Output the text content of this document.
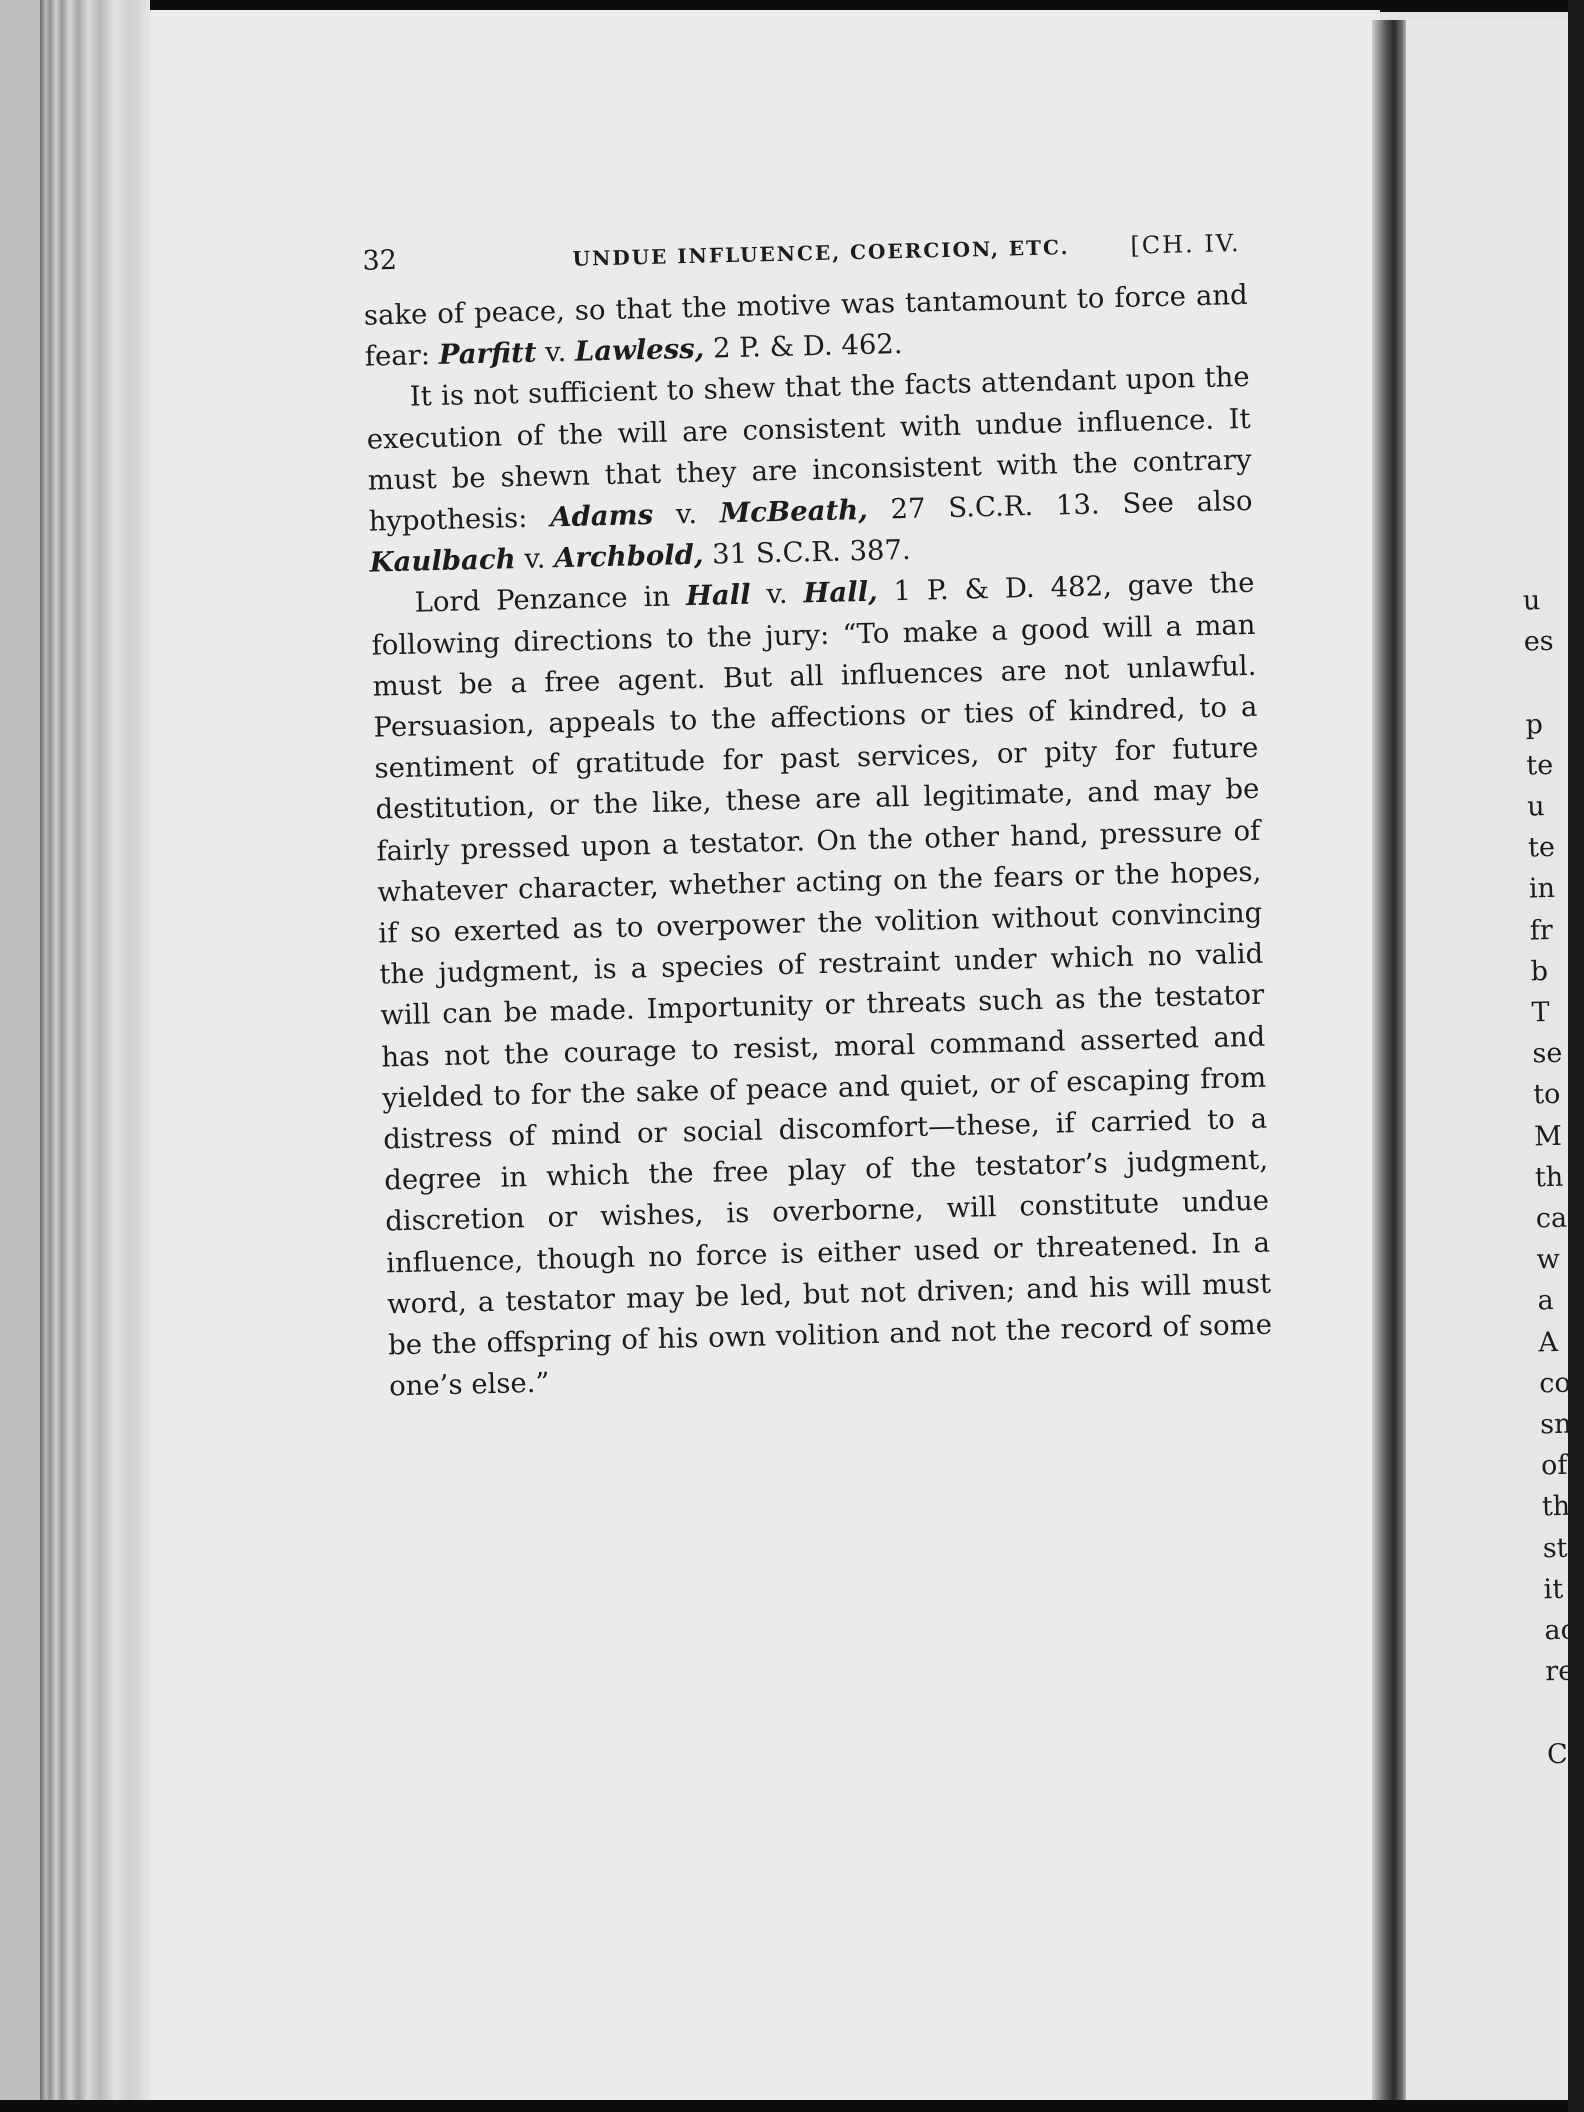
32	UNDUE INFLUENCE, COERCION, ETC.	[CH. IV.

sake of peace, so that the motive was tantamount to force and fear: Parfitt v. Lawless, 2 P. & D. 462.

It is not sufficient to shew that the facts attendant upon the execution of the will are consistent with undue influence. It must be shewn that they are inconsistent with the contrary hypothesis: Adams v. McBeath, 27 S.C.R. 13. See also Kaulbach v. Archbold, 31 S.C.R. 387.

Lord Penzance in Hall v. Hall, 1 P. & D. 482, gave the following directions to the jury: “To make a good will a man must be a free agent. But all influences are not unlawful. Persuasion, appeals to the affections or ties of kindred, to a sentiment of gratitude for past services, or pity for future destitution, or the like, these are all legitimate, and may be fairly pressed upon a testator. On the other hand, pressure of whatever character, whether acting on the fears or the hopes, if so exerted as to overpower the volition without convincing the judgment, is a species of restraint under which no valid will can be made. Importunity or threats such as the testator has not the courage to resist, moral command asserted and yielded to for the sake of peace and quiet, or of escaping from distress of mind or social discomfort—these, if carried to a degree in which the free play of the testator’s judgment, discretion or wishes, is overborne, will constitute undue influence, though no force is either used or threatened. In a word, a testator may be led, but not driven; and his will must be the offspring of his own volition and not the record of some one’s else.”

u
es

p
te
u
te
in
fr
b
T
se
to
M
th
ca
w
a
A
co
sn
of
th
st
it
ac
re

Co
